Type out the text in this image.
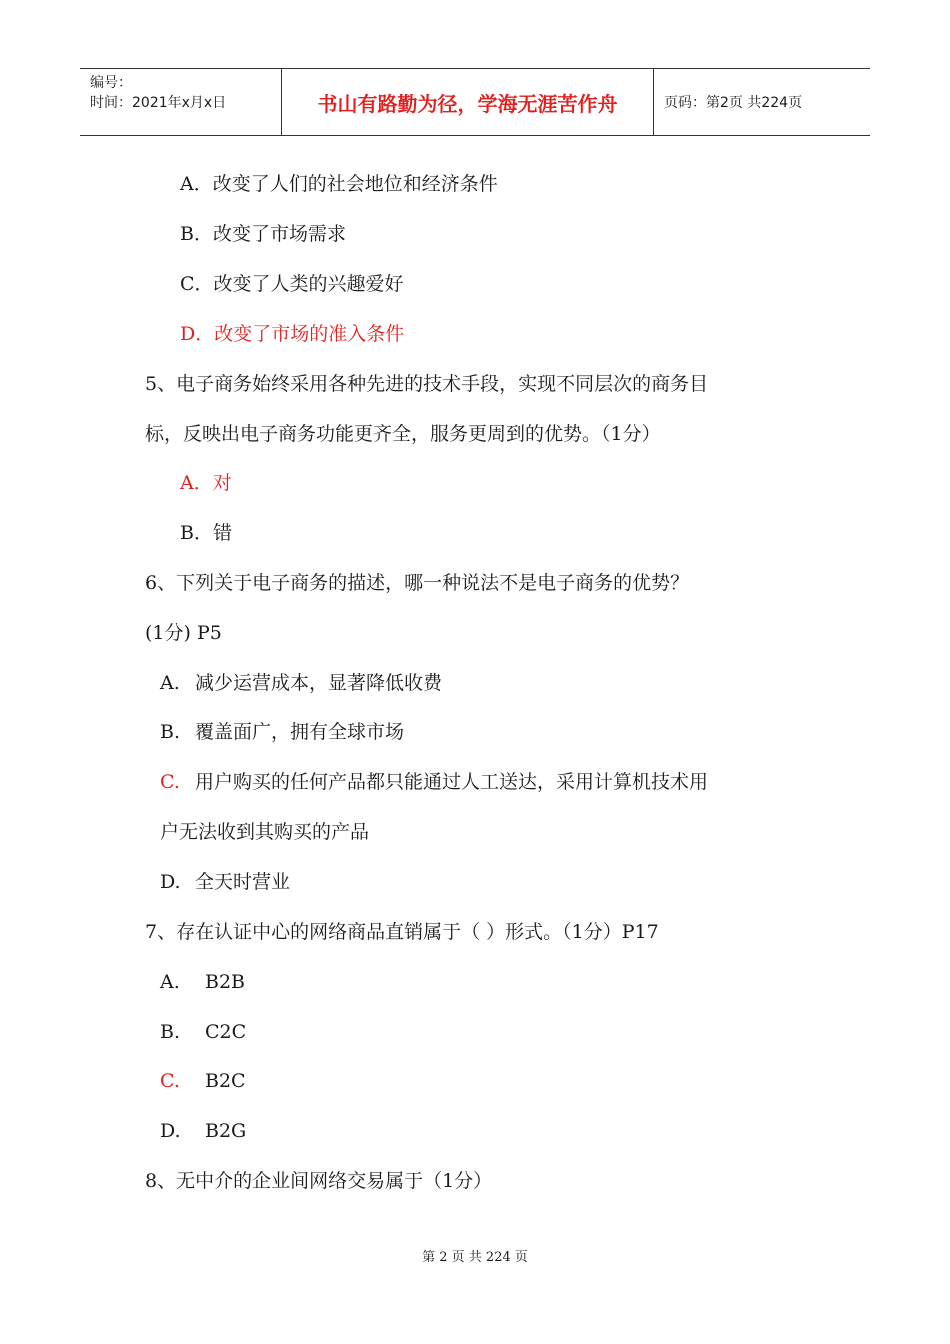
编号：
时间：2021年x月x日	书山有路勤为径，学海无涯苦作舟	页码：第2页 共224页
A．改变了人们的社会地位和经济条件
B．改变了市场需求
C．改变了人类的兴趣爱好
D．改变了市场的准入条件
5、电子商务始终采用各种先进的技术手段，实现不同层次的商务目
标，反映出电子商务功能更齐全，服务更周到的优势。（1分）
A．对
B．错
6、下列关于电子商务的描述，哪一种说法不是电子商务的优势？
(1分) P5
A. 减少运营成本，显著降低收费
B. 覆盖面广，拥有全球市场
C. 用户购买的任何产品都只能通过人工送达，采用计算机技术用
户无法收到其购买的产品
D. 全天时营业
7、存在认证中心的网络商品直销属于（ ）形式。（1分）P17
A. B2B
B. C2C
C. B2C
D. B2G
8、无中介的企业间网络交易属于（1分）
第 2 页 共 224 页
